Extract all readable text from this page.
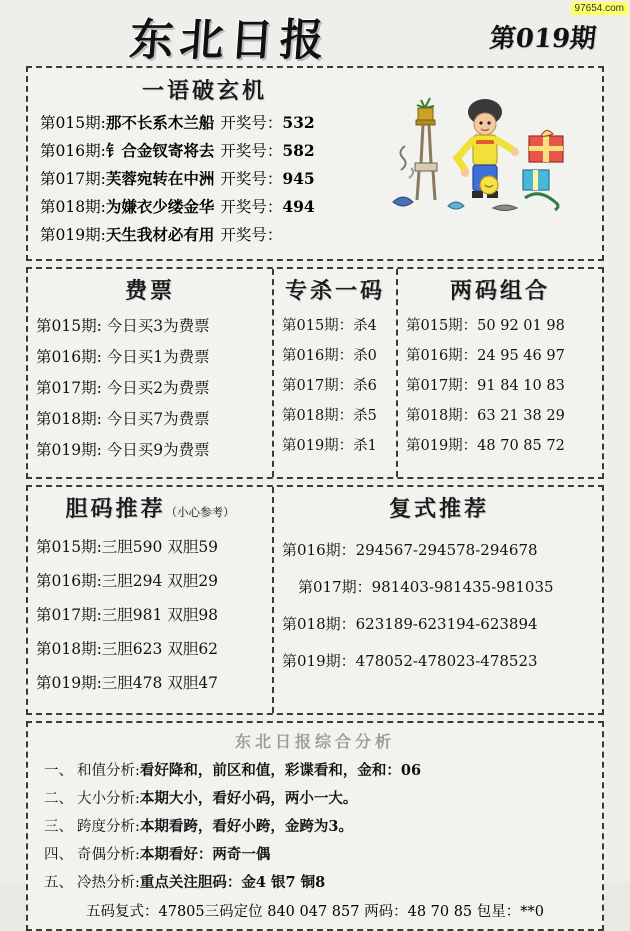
97654.com
东北日报	第019期
一语破玄机
第015期:那不长系木兰船 开奖号：532
第016期:钅合金钗寄将去 开奖号：582
第017期:芙蓉宛转在中洲 开奖号：945
第018期:为嫌衣少缕金华 开奖号：494
第019期:天生我材必有用 开奖号：
费票
第015期: 今日买3为费票
第016期: 今日买1为费票
第017期: 今日买2为费票
第018期: 今日买7为费票
第019期: 今日买9为费票
专杀一码
第015期：杀4
第016期：杀0
第017期：杀6
第018期：杀5
第019期：杀1
两码组合
第015期：50 92 01 98
第016期：24 95 46 97
第017期：91 84 10 83
第018期：63 21 38 29
第019期：48 70 85 72
胆码推荐（小心参考）
第015期:三胆590 双胆59
第016期:三胆294 双胆29
第017期:三胆981 双胆98
第018期:三胆623 双胆62
第019期:三胆478 双胆47
复式推荐
第016期：294567-294578-294678
第017期：981403-981435-981035
第018期：623189-623194-623894
第019期：478052-478023-478523
东北日报综合分析
一、 和值分析:看好降和，前区和值，彩谍看和，金和：06
二、 大小分析:本期大小，看好小码，两小一大。
三、 跨度分析:本期看跨，看好小跨，金跨为3。
四、 奇偶分析:本期看好：两奇一偶
五、 冷热分析:重点关注胆码：金4 银7 铜8
五码复式：47805三码定位 840 047 857 两码：48 70 85 包星：**0
